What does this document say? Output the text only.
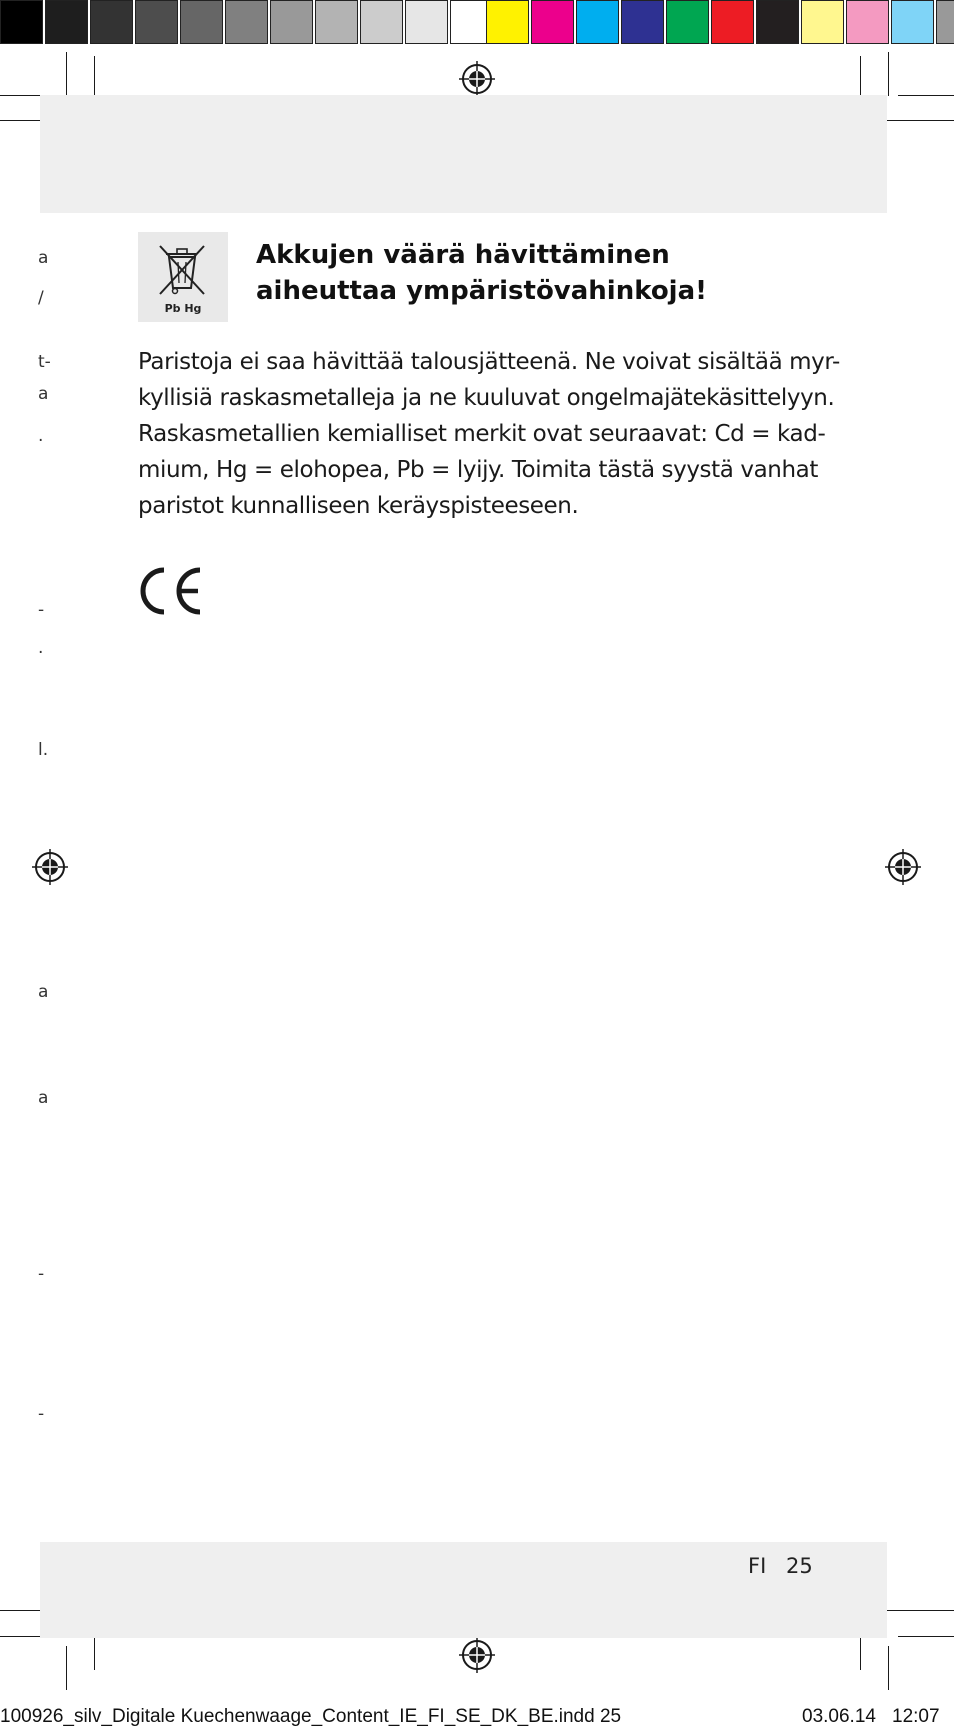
a
/
t-
a
.
-
.
l.
a
a
-
-
Pb Hg
Akkujen väärä hävittäminen
aiheuttaa ympäristövahinkoja!
Paristoja ei saa hävittää talousjätteenä. Ne voivat sisältää myr-
kyllisiä raskasmetalleja ja ne kuuluvat ongelmajätekäsittelyyn.
Raskasmetallien kemialliset merkit ovat seuraavat: Cd = kad-
mium, Hg = elohopea, Pb = lyijy. Toimita tästä syystä vanhat
paristot kunnalliseen keräyspisteeseen.
FI 25
100926_silv_Digitale Kuechenwaage_Content_IE_FI_SE_DK_BE.indd 25	03.06.14 12:07
